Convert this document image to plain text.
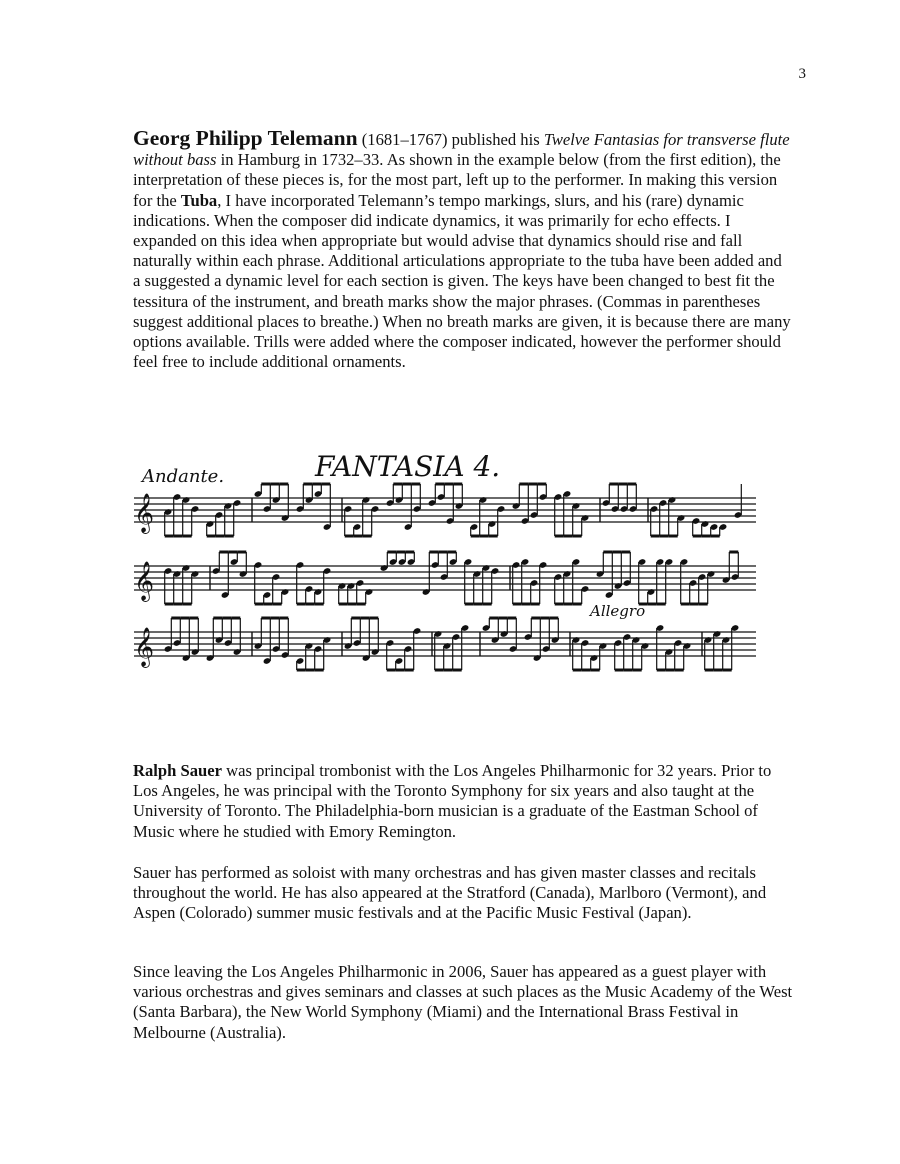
3

Georg Philipp Telemann (1681–1767) published his Twelve Fantasias for transverse flute without bass in Hamburg in 1732–33. As shown in the example below (from the first edition), the interpretation of these pieces is, for the most part, left up to the performer. In making this version for the Tuba, I have incorporated Telemann’s tempo markings, slurs, and his (rare) dynamic indications. When the composer did indicate dynamics, it was primarily for echo effects. I expanded on this idea when appropriate but would advise that dynamics should rise and fall naturally within each phrase. Additional articulations appropriate to the tuba have been added and a suggested a dynamic level for each section is given. The keys have been changed to best fit the tessitura of the instrument, and breath marks show the major phrases. (Commas in parentheses suggest additional places to breathe.) When no breath marks are given, it is because there are many options available. Trills were added where the composer indicated, however the performer should feel free to include additional ornaments.

FANTASIA 4.
Andante.
Allegro
𝄞
𝄞
𝄞

Ralph Sauer was principal trombonist with the Los Angeles Philharmonic for 32 years. Prior to Los Angeles, he was principal with the Toronto Symphony for six years and also taught at the University of Toronto. The Philadelphia-born musician is a graduate of the Eastman School of Music where he studied with Emory Remington.

Sauer has performed as soloist with many orchestras and has given master classes and recitals throughout the world. He has also appeared at the Stratford (Canada), Marlboro (Vermont), and Aspen (Colorado) summer music festivals and at the Pacific Music Festival (Japan).

Since leaving the Los Angeles Philharmonic in 2006, Sauer has appeared as a guest player with various orchestras and gives seminars and classes at such places as the Music Academy of the West (Santa Barbara), the New World Symphony (Miami) and the International Brass Festival in Melbourne (Australia).
